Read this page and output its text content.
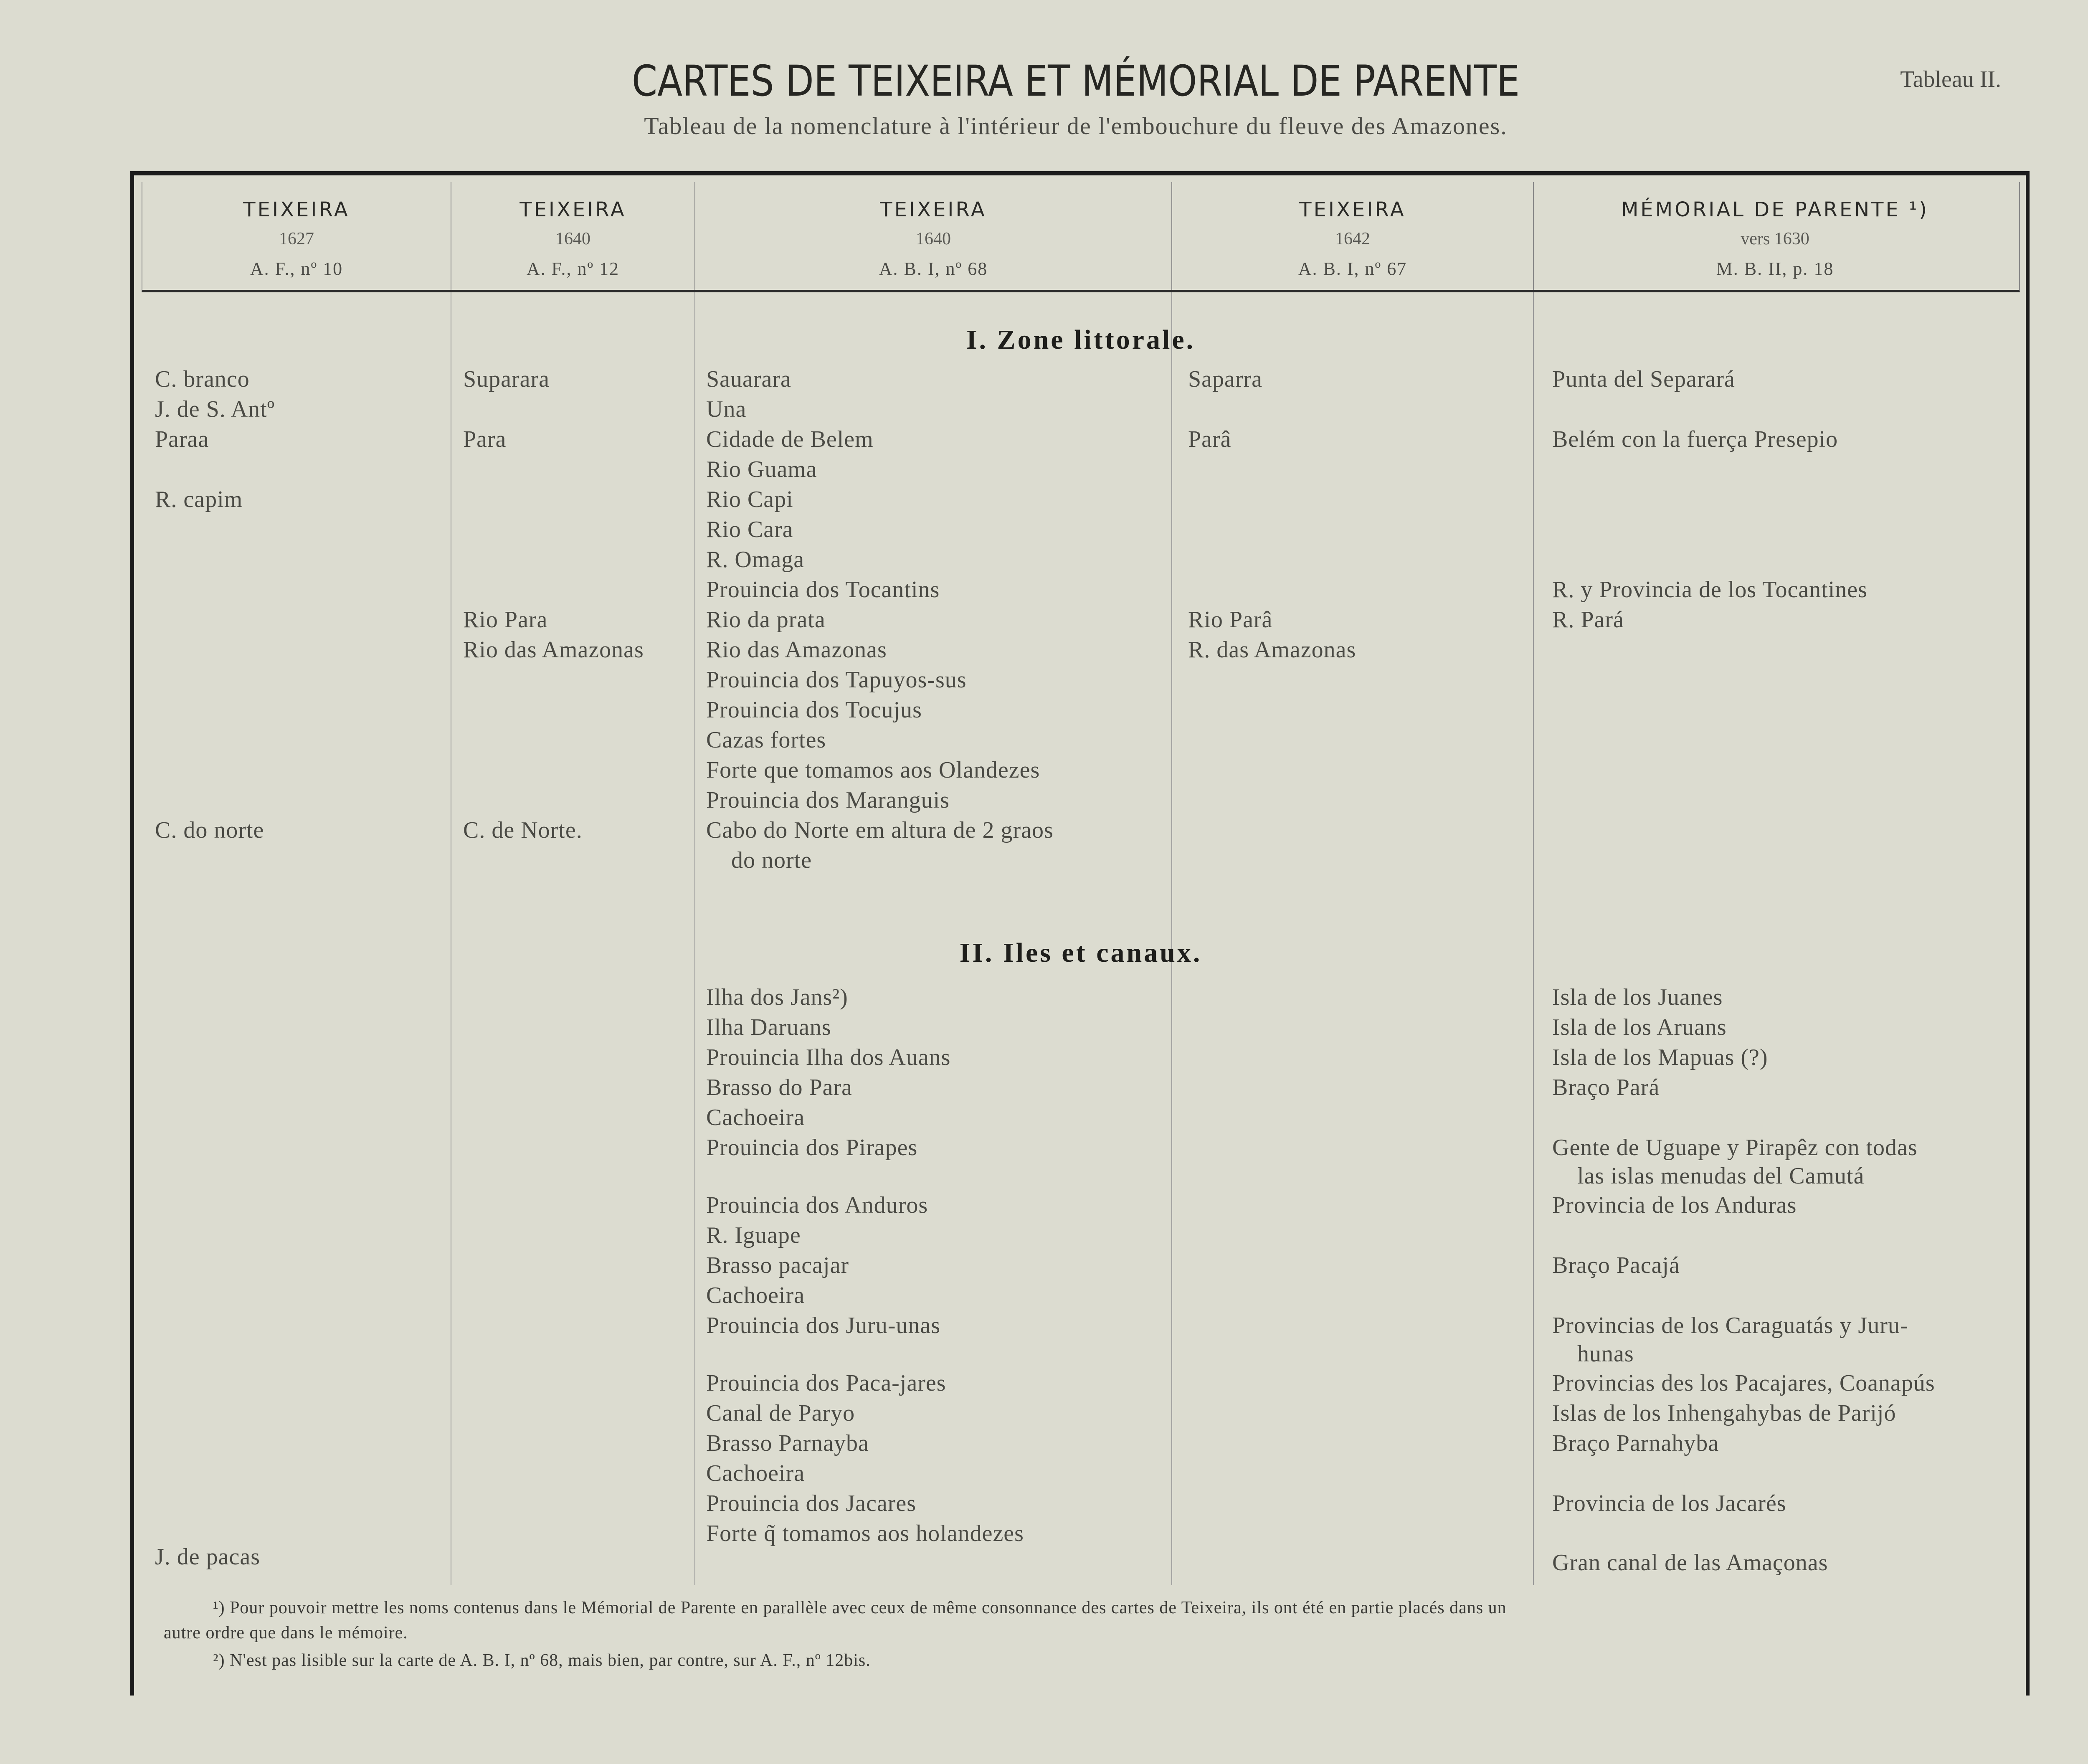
CARTES DE TEIXEIRA ET MÉMORIAL DE PARENTE	Tableau II.

Tableau de la nomenclature à l'intérieur de l'embouchure du fleuve des Amazones.

TEIXEIRA
1627
A. F., nº 10
TEIXEIRA
1640
A. F., nº 12
TEIXEIRA
1640
A. B. I, nº 68
TEIXEIRA
1642
A. B. I, nº 67
MÉMORIAL DE PARENTE ¹)
vers 1630
M. B. II, p. 18
I. Zone littorale.
C. branco
J. de S. Antº
Paraa
R. capim
C. do norte
Suparara
Para
Rio Para
Rio das Amazonas
C. de Norte.
Sauarara
Una
Cidade de Belem
Rio Guama
Rio Capi
Rio Cara
R. Omaga
Prouincia dos Tocantins
Rio da prata
Rio das Amazonas
Prouincia dos Tapuyos-sus
Prouincia dos Tocujus
Cazas fortes
Forte que tomamos aos Olandezes
Prouincia dos Maranguis
Cabo do Norte em altura de 2 graos
do norte
Saparra
Parâ
Rio Parâ
R. das Amazonas
Punta del Separará
Belém con la fuerça Presepio
R. y Provincia de los Tocantines
R. Pará
II. Iles et canaux.
J. de pacas
Ilha dos Jans²)
Ilha Daruans
Prouincia Ilha dos Auans
Brasso do Para
Cachoeira
Prouincia dos Pirapes
Prouincia dos Anduros
R. Iguape
Brasso pacajar
Cachoeira
Prouincia dos Juru-unas
Prouincia dos Paca-jares
Canal de Paryo
Brasso Parnayba
Cachoeira
Prouincia dos Jacares
Forte q̃ tomamos aos holandezes
Isla de los Juanes
Isla de los Aruans
Isla de los Mapuas (?)
Braço Pará
Gente de Uguape y Pirapêz con todas
las islas menudas del Camutá
Provincia de los Anduras
Braço Pacajá
Provincias de los Caraguatás y Juru-
hunas
Provincias des los Pacajares, Coanapús
Islas de los Inhengahybas de Parijó
Braço Parnahyba
Provincia de los Jacarés
Gran canal de las Amaçonas
¹) Pour pouvoir mettre les noms contenus dans le Mémorial de Parente en parallèle avec ceux de même consonnance des cartes de Teixeira, ils ont été en partie placés dans un
autre ordre que dans le mémoire.
²) N'est pas lisible sur la carte de A. B. I, nº 68, mais bien, par contre, sur A. F., nº 12bis.
